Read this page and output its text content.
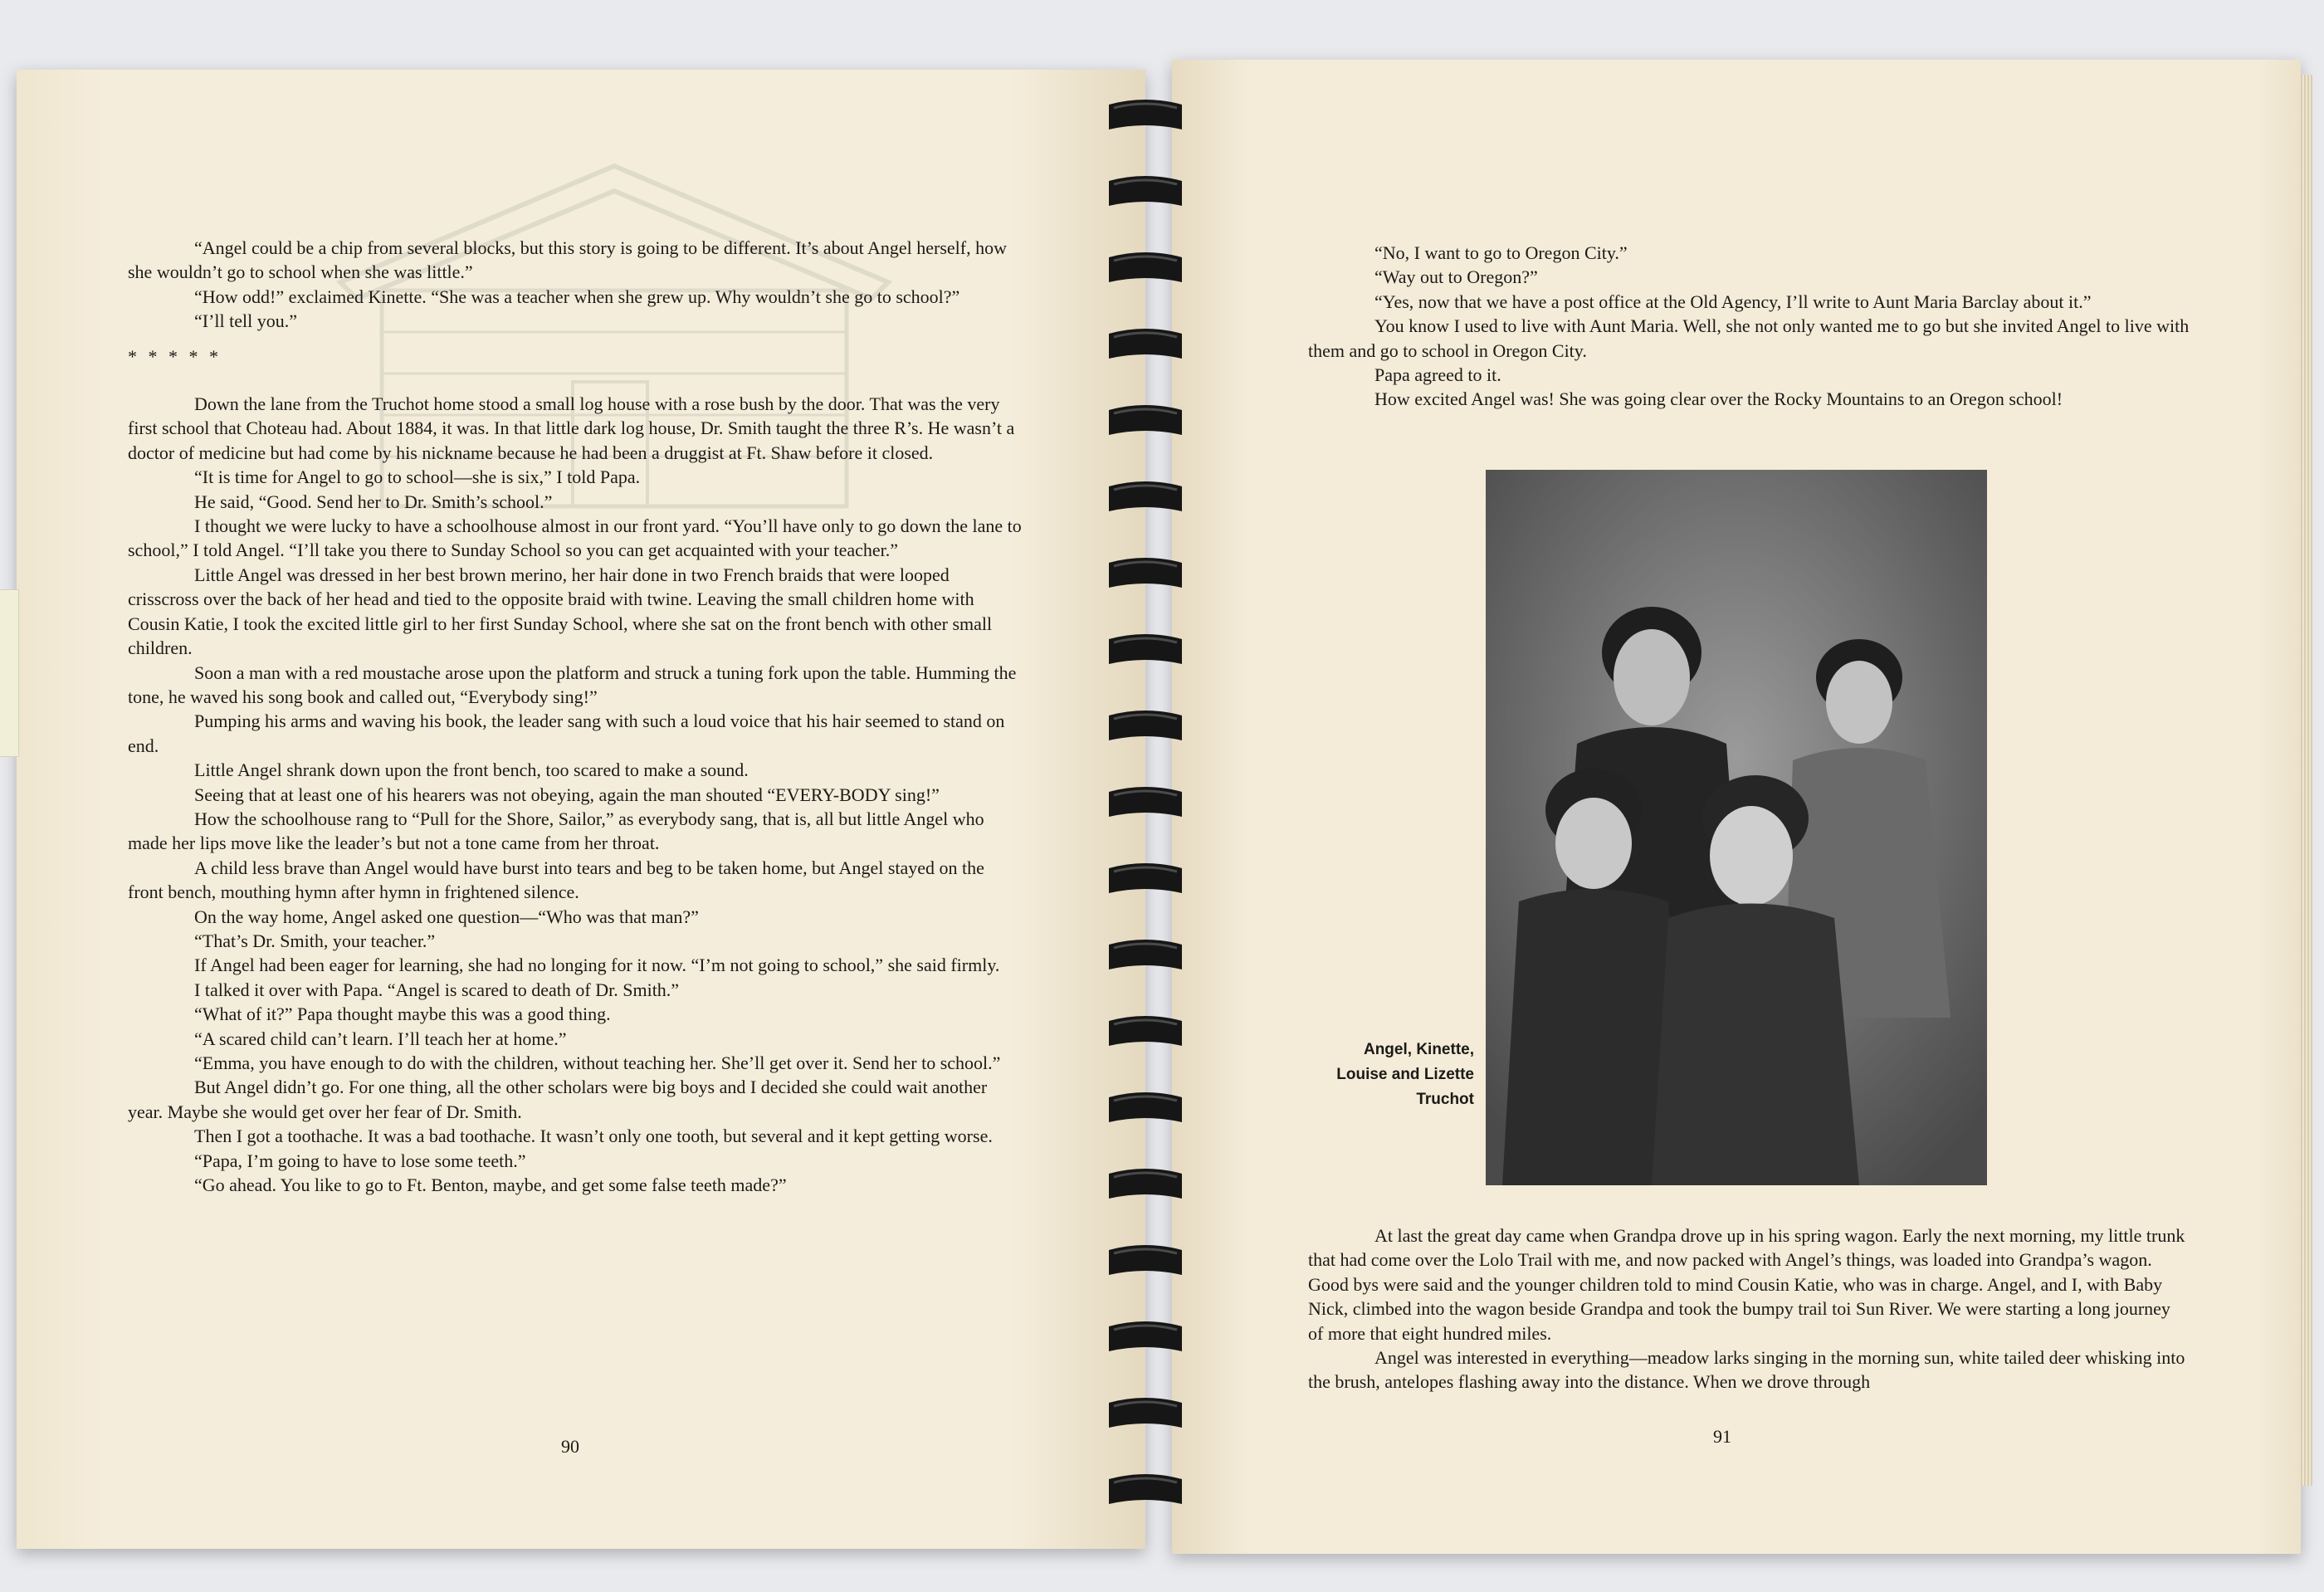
“Angel could be a chip from several blocks, but this story is going to be different. It’s about Angel herself, how she wouldn’t go to school when she was little.”

“How odd!” exclaimed Kinette. “She was a teacher when she grew up. Why wouldn’t she go to school?”

“I’ll tell you.”

* * * * *

Down the lane from the Truchot home stood a small log house with a rose bush by the door. That was the very first school that Choteau had. About 1884, it was. In that little dark log house, Dr. Smith taught the three R’s. He wasn’t a doctor of medicine but had come by his nickname because he had been a druggist at Ft. Shaw before it closed.

“It is time for Angel to go to school—she is six,” I told Papa.

He said, “Good. Send her to Dr. Smith’s school.”

I thought we were lucky to have a schoolhouse almost in our front yard. “You’ll have only to go down the lane to school,” I told Angel. “I’ll take you there to Sunday School so you can get acquainted with your teacher.”

Little Angel was dressed in her best brown merino, her hair done in two French braids that were looped crisscross over the back of her head and tied to the opposite braid with twine. Leaving the small children home with Cousin Katie, I took the excited little girl to her first Sunday School, where she sat on the front bench with other small children.

Soon a man with a red moustache arose upon the platform and struck a tuning fork upon the table. Humming the tone, he waved his song book and called out, “Everybody sing!”

Pumping his arms and waving his book, the leader sang with such a loud voice that his hair seemed to stand on end.

Little Angel shrank down upon the front bench, too scared to make a sound.

Seeing that at least one of his hearers was not obeying, again the man shouted “EVERY-BODY sing!”

How the schoolhouse rang to “Pull for the Shore, Sailor,” as everybody sang, that is, all but little Angel who made her lips move like the leader’s but not a tone came from her throat.

A child less brave than Angel would have burst into tears and beg to be taken home, but Angel stayed on the front bench, mouthing hymn after hymn in frightened silence.

On the way home, Angel asked one question—“Who was that man?”

“That’s Dr. Smith, your teacher.”

If Angel had been eager for learning, she had no longing for it now. “I’m not going to school,” she said firmly.

I talked it over with Papa. “Angel is scared to death of Dr. Smith.”

“What of it?” Papa thought maybe this was a good thing.

“A scared child can’t learn. I’ll teach her at home.”

“Emma, you have enough to do with the children, without teaching her. She’ll get over it. Send her to school.”

But Angel didn’t go. For one thing, all the other scholars were big boys and I decided she could wait another year. Maybe she would get over her fear of Dr. Smith.

Then I got a toothache. It was a bad toothache. It wasn’t only one tooth, but several and it kept getting worse.

“Papa, I’m going to have to lose some teeth.”

“Go ahead. You like to go to Ft. Benton, maybe, and get some false teeth made?”

90

“No, I want to go to Oregon City.”

“Way out to Oregon?”

“Yes, now that we have a post office at the Old Agency, I’ll write to Aunt Maria Barclay about it.”

You know I used to live with Aunt Maria. Well, she not only wanted me to go but she invited Angel to live with them and go to school in Oregon City.

Papa agreed to it.

How excited Angel was! She was going clear over the Rocky Mountains to an Oregon school!

Angel, Kinette,
Louise and Lizette
Truchot

At last the great day came when Grandpa drove up in his spring wagon. Early the next morning, my little trunk that had come over the Lolo Trail with me, and now packed with Angel’s things, was loaded into Grandpa’s wagon. Good bys were said and the younger children told to mind Cousin Katie, who was in charge. Angel, and I, with Baby Nick, climbed into the wagon beside Grandpa and took the bumpy trail toi Sun River. We were starting a long journey of more that eight hundred miles.

Angel was interested in everything—meadow larks singing in the morning sun, white tailed deer whisking into the brush, antelopes flashing away into the distance. When we drove through

91
